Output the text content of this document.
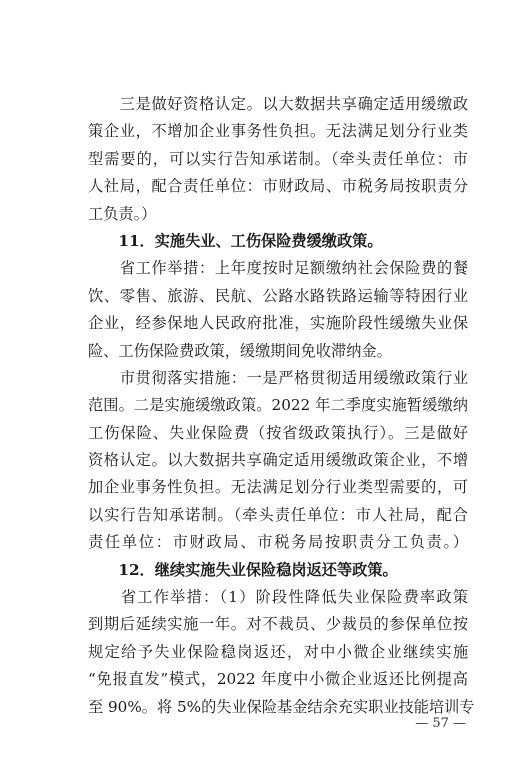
　　三是做好资格认定。以大数据共享确定适用缓缴政
策企业，不增加企业事务性负担。无法满足划分行业类
型需要的，可以实行告知承诺制。（牵头责任单位：市
人社局，配合责任单位：市财政局、市税务局按职责分
工负责。）
　　11．实施失业、工伤保险费缓缴政策。
　　省工作举措：上年度按时足额缴纳社会保险费的餐
饮、零售、旅游、民航、公路水路铁路运输等特困行业
企业，经参保地人民政府批准，实施阶段性缓缴失业保
险、工伤保险费政策，缓缴期间免收滞纳金。
　　市贯彻落实措施：一是严格贯彻适用缓缴政策行业
范围。二是实施缓缴政策。2022 年二季度实施暂缓缴纳
工伤保险、失业保险费（按省级政策执行）。三是做好
资格认定。以大数据共享确定适用缓缴政策企业，不增
加企业事务性负担。无法满足划分行业类型需要的，可
以实行告知承诺制。（牵头责任单位：市人社局，配合
责任单位：市财政局、市税务局按职责分工负责。）
　　12．继续实施失业保险稳岗返还等政策。
　　省工作举措：（1）阶段性降低失业保险费率政策
到期后延续实施一年。对不裁员、少裁员的参保单位按
规定给予失业保险稳岗返还，对中小微企业继续实施
“免报直发”模式，2022 年度中小微企业返还比例提高
至 90%。将 5%的失业保险基金结余充实职业技能培训专
— 57 —
